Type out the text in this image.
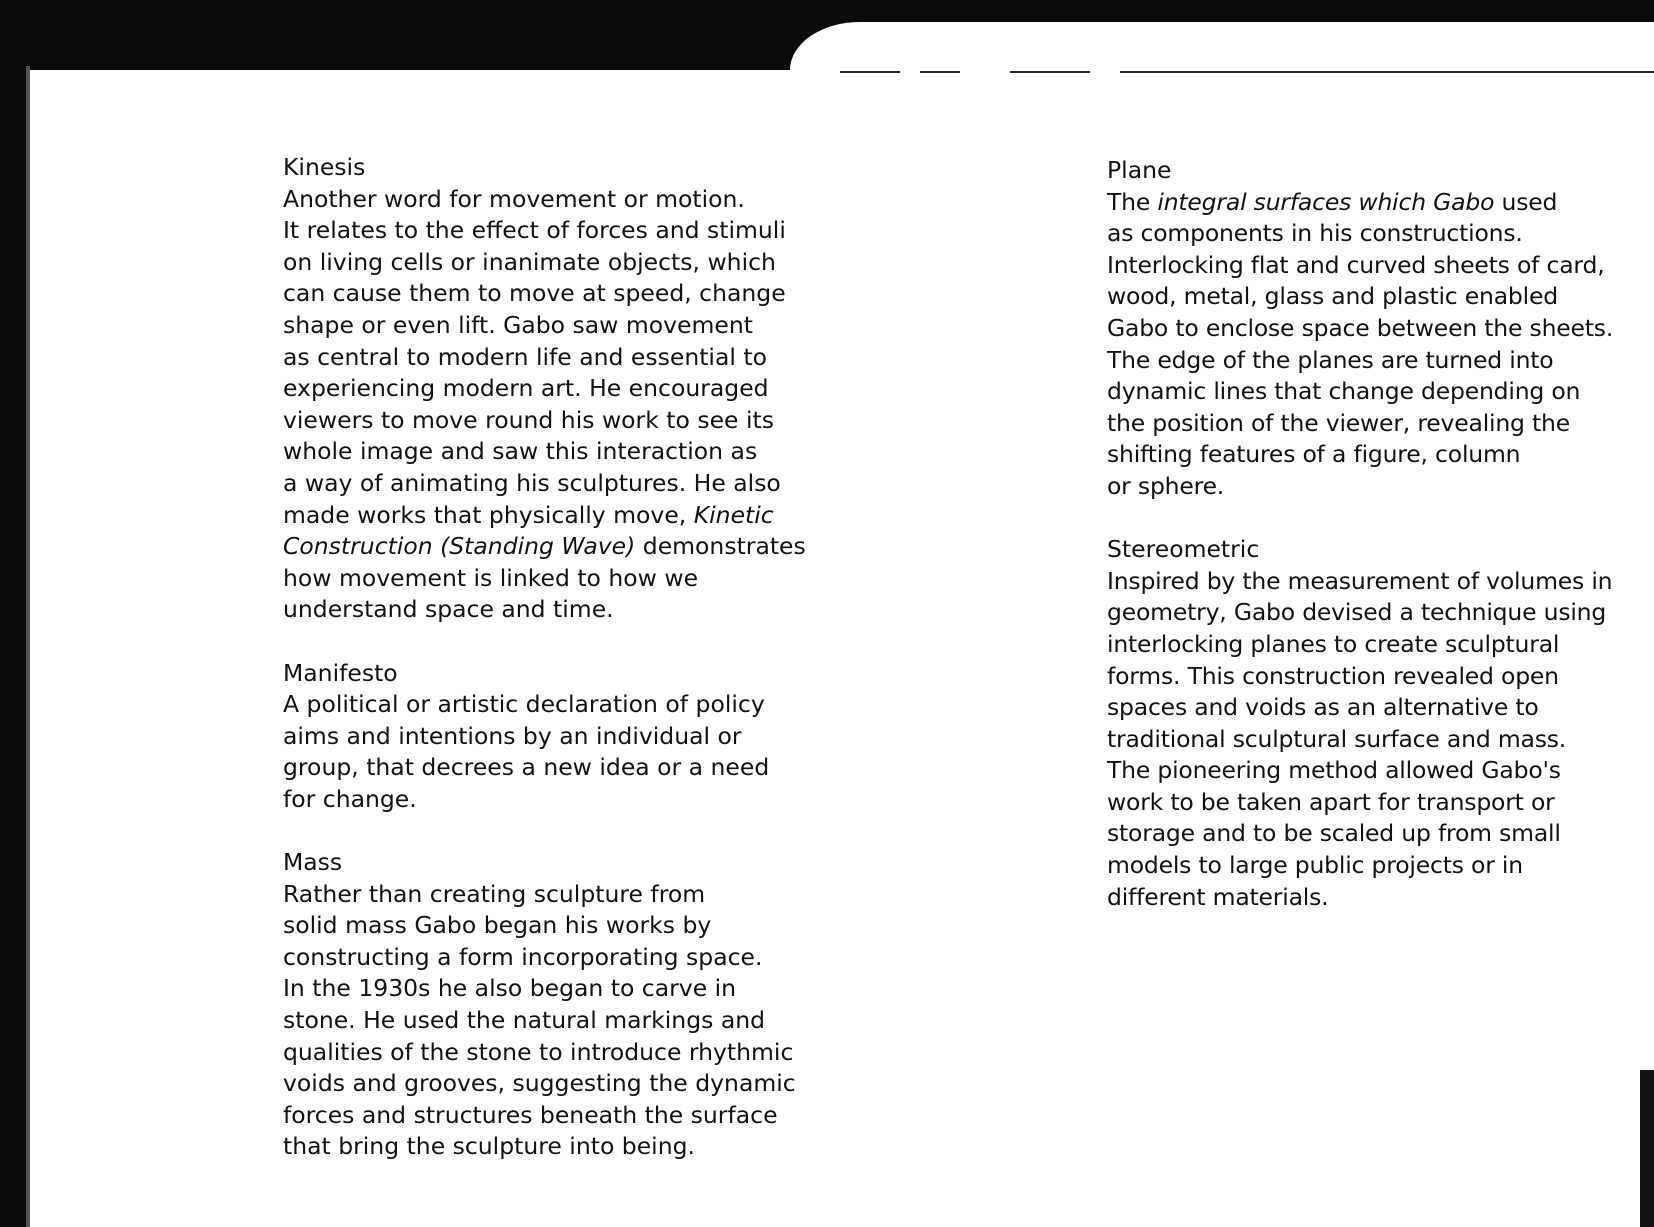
Kinesis
Another word for movement or motion.
It relates to the effect of forces and stimuli
on living cells or inanimate objects, which
can cause them to move at speed, change
shape or even lift. Gabo saw movement
as central to modern life and essential to
experiencing modern art. He encouraged
viewers to move round his work to see its
whole image and saw this interaction as
a way of animating his sculptures. He also
made works that physically move, Kinetic
Construction (Standing Wave) demonstrates
how movement is linked to how we
understand space and time.
Manifesto
A political or artistic declaration of policy
aims and intentions by an individual or
group, that decrees a new idea or a need
for change.
Mass
Rather than creating sculpture from
solid mass Gabo began his works by
constructing a form incorporating space.
In the 1930s he also began to carve in
stone. He used the natural markings and
qualities of the stone to introduce rhythmic
voids and grooves, suggesting the dynamic
forces and structures beneath the surface
that bring the sculpture into being.
Plane
The integral surfaces which Gabo used
as components in his constructions.
Interlocking flat and curved sheets of card,
wood, metal, glass and plastic enabled
Gabo to enclose space between the sheets.
The edge of the planes are turned into
dynamic lines that change depending on
the position of the viewer, revealing the
shifting features of a figure, column
or sphere.
Stereometric
Inspired by the measurement of volumes in
geometry, Gabo devised a technique using
interlocking planes to create sculptural
forms. This construction revealed open
spaces and voids as an alternative to
traditional sculptural surface and mass.
The pioneering method allowed Gabo's
work to be taken apart for transport or
storage and to be scaled up from small
models to large public projects or in
different materials.
